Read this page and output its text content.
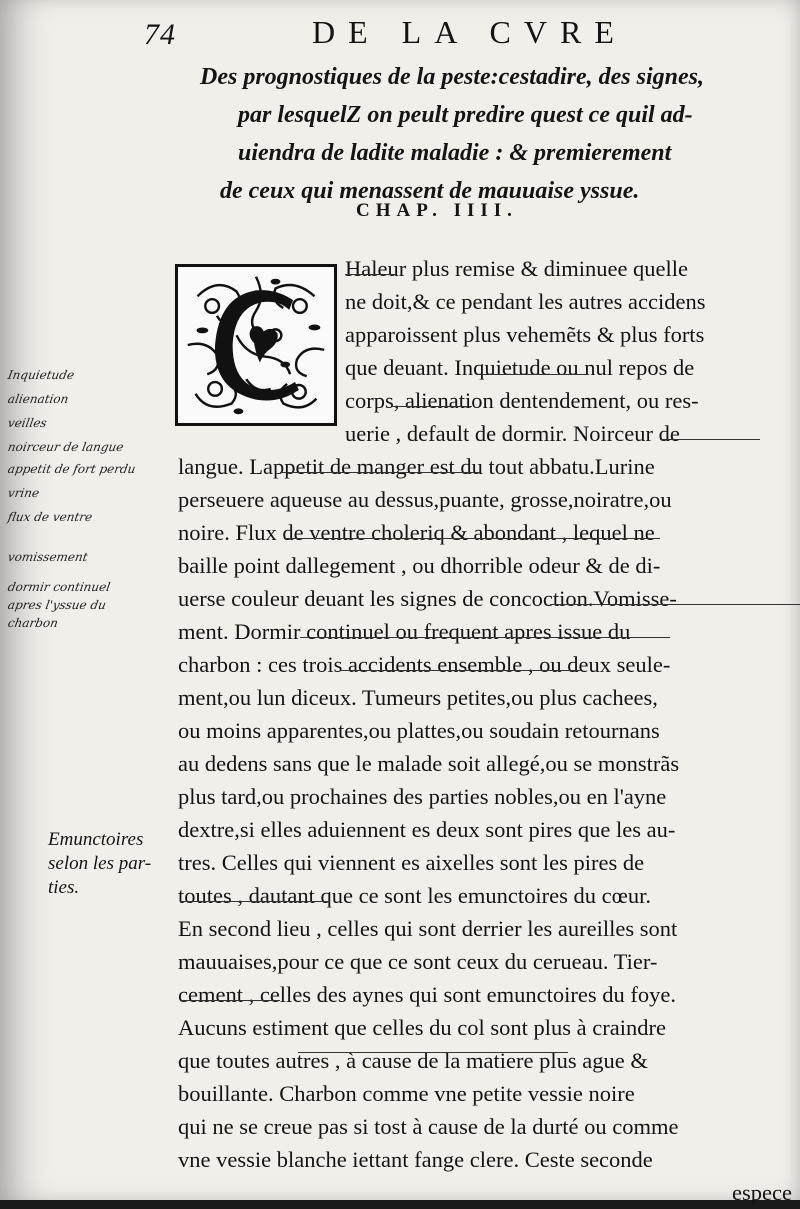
74	DE LA CVRE
Des prognostiques de la peste:cestadire, des signes,
par lesquelZ on peult predire quest ce quil ad-
uiendra de ladite maladie : & premierement
de ceux qui menassent de mauuaise yssue.
CHAP. IIII.
Haleur plus remise & diminuee quelle
ne doit,& ce pendant les autres accidens
apparoissent plus vehemẽts & plus forts
que deuant. Inquietude ou nul repos de
corps, alienation dentendement, ou res-
uerie , default de dormir. Noirceur de
langue. Lappetit de manger est du tout abbatu.Lurine
perseuere aqueuse au dessus,puante, grosse,noiratre,ou
noire. Flux de ventre choleriq & abondant , lequel ne
baille point dallegement , ou dhorrible odeur & de di-
uerse couleur deuant les signes de concoction.Vomisse-
ment. Dormir continuel ou frequent apres issue du
charbon : ces trois accidents ensemble , ou deux seule-
ment,ou lun diceux. Tumeurs petites,ou plus cachees,
ou moins apparentes,ou plattes,ou soudain retournans
au dedens sans que le malade soit allegé,ou se monstrãs
plus tard,ou prochaines des parties nobles,ou en l'ayne
dextre,si elles aduiennent es deux sont pires que les au-
tres. Celles qui viennent es aixelles sont les pires de
toutes , dautant que ce sont les emunctoires du cœur.
En second lieu , celles qui sont derrier les aureilles sont
mauuaises,pour ce que ce sont ceux du cerueau. Tier-
cement , celles des aynes qui sont emunctoires du foye.
Aucuns estiment que celles du col sont plus à craindre
que toutes autres , à cause de la matiere plus ague &
bouillante. Charbon comme vne petite vessie noire
qui ne se creue pas si tost à cause de la durté ou comme
vne vessie blanche iettant fange clere. Ceste seconde
espece
Inquietude
alienation
veilles
noirceur de langue
appetit de fort perdu
vrine
flux de ventre
vomissement
dormir continuel
apres l'yssue du
charbon
Emunctoires
selon les par-
ties.
